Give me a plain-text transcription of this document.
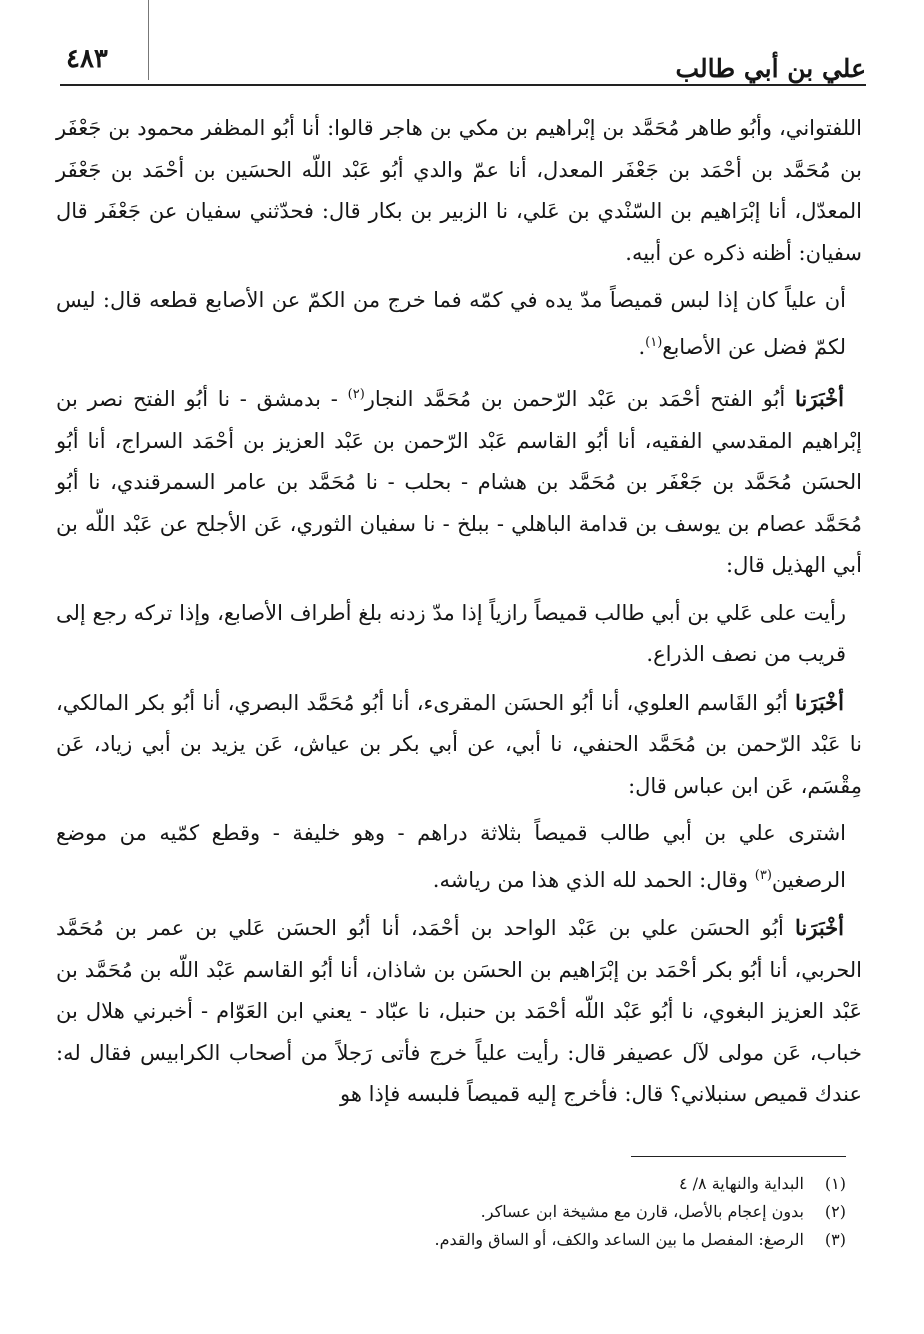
٤٨٣	علي بن أبي طالب

اللفتواني، وأبُو طاهر مُحَمَّد بن إبْراهيم بن مكي بن هاجر قالوا: أنا أبُو المظفر محمود بن جَعْفَر بن مُحَمَّد بن أحْمَد بن جَعْفَر المعدل، أنا عمّ والدي أبُو عَبْد اللّه الحسَين بن أحْمَد بن جَعْفَر المعدّل، أنا إبْرَاهيم بن السّنْدي بن عَلي، نا الزبير بن بكار قال: فحدّثني سفيان عن جَعْفَر قال سفيان: أظنه ذكره عن أبيه.

أن علياً كان إذا لبس قميصاً مدّ يده في كمّه فما خرج من الكمّ عن الأصابع قطعه قال: ليس لكمّ فضل عن الأصابع$^{(١)}$.

أخْبَرَنا أبُو الفتح أحْمَد بن عَبْد الرّحمن بن مُحَمَّد النجار$^{(٢)}$ - بدمشق - نا أبُو الفتح نصر بن إبْراهيم المقدسي الفقيه، أنا أبُو القاسم عَبْد الرّحمن بن عَبْد العزيز بن أحْمَد السراج، أنا أبُو الحسَن مُحَمَّد بن جَعْفَر بن مُحَمَّد بن هشام - بحلب - نا مُحَمَّد بن عامر السمرقندي، نا أبُو مُحَمَّد عصام بن يوسف بن قدامة الباهلي - ببلخ - نا سفيان الثوري، عَن الأجلح عن عَبْد اللّه بن أبي الهذيل قال:

رأيت على عَلي بن أبي طالب قميصاً رازياً إذا مدّ زدنه بلغ أطراف الأصابع، وإذا تركه رجع إلى قريب من نصف الذراع.

أخْبَرَنا أبُو القَاسم العلوي، أنا أبُو الحسَن المقرىء، أنا أبُو مُحَمَّد البصري، أنا أبُو بكر المالكي، نا عَبْد الرّحمن بن مُحَمَّد الحنفي، نا أبي، عن أبي بكر بن عياش، عَن يزيد بن أبي زياد، عَن مِقْسَم، عَن ابن عباس قال:

اشترى علي بن أبي طالب قميصاً بثلاثة دراهم - وهو خليفة - وقطع كمّيه من موضع الرصغين$^{(٣)}$ وقال: الحمد لله الذي هذا من رياشه.

أخْبَرَنا أبُو الحسَن علي بن عَبْد الواحد بن أحْمَد، أنا أبُو الحسَن عَلي بن عمر بن مُحَمَّد الحربي، أنا أبُو بكر أحْمَد بن إبْرَاهيم بن الحسَن بن شاذان، أنا أبُو القاسم عَبْد اللّه بن مُحَمَّد بن عَبْد العزيز البغوي، نا أبُو عَبْد اللّه أحْمَد بن حنبل، نا عبّاد - يعني ابن العَوّام - أخبرني هلال بن خباب، عَن مولى لآل عصيفر قال: رأيت علياً خرج فأتى رَجلاً من أصحاب الكرابيس فقال له: عندك قميص سنبلاني؟ قال: فأخرج إليه قميصاً فلبسه فإذا هو

(١)البداية والنهاية ٨/ ٤
(٢)بدون إعجام بالأصل، قارن مع مشيخة ابن عساكر.
(٣)الرصغ: المفصل ما بين الساعد والكف، أو الساق والقدم.
